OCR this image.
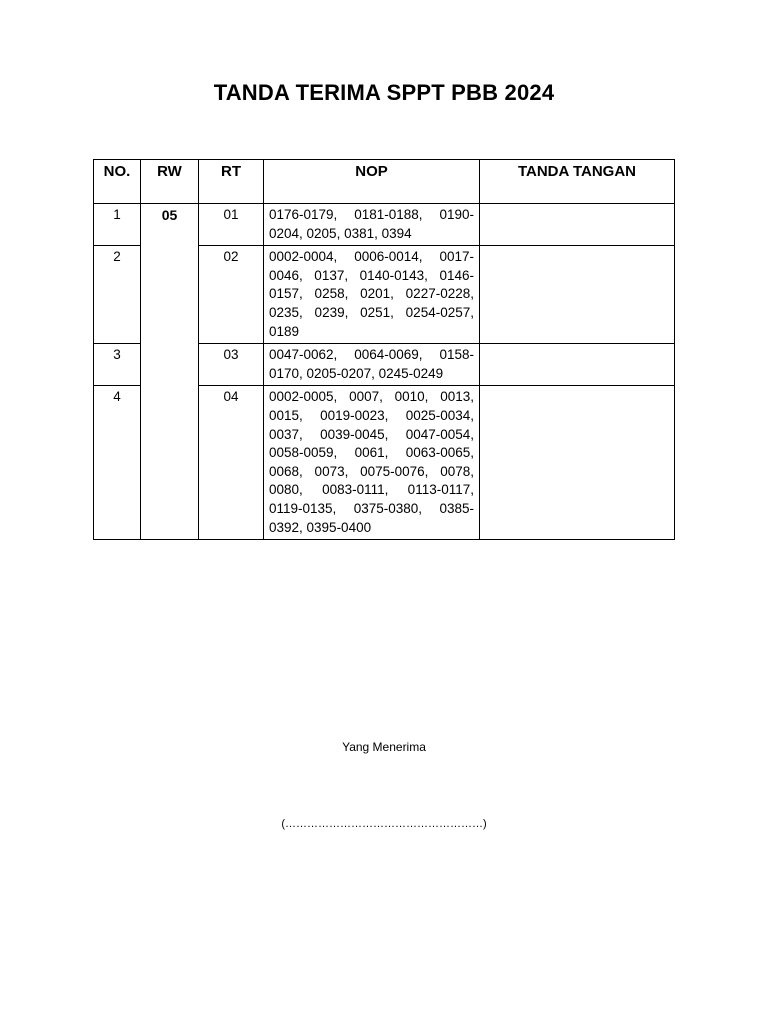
TANDA TERIMA SPPT PBB 2024
NO.	RW	RT	NOP	TANDA TANGAN
1	05	01	0176-0179, 0181-0188, 0190-0204, 0205, 0381, 0394	
2		02	0002-0004, 0006-0014, 0017-0046, 0137, 0140-0143, 0146-0157, 0258, 0201, 0227-0228, 0235, 0239, 0251, 0254-0257, 0189	
3		03	0047-0062, 0064-0069, 0158-0170, 0205-0207, 0245-0249	
4		04	0002-0005, 0007, 0010, 0013, 0015, 0019-0023, 0025-0034, 0037, 0039-0045, 0047-0054, 0058-0059, 0061, 0063-0065, 0068, 0073, 0075-0076, 0078, 0080, 0083-0111, 0113-0117, 0119-0135, 0375-0380, 0385-0392, 0395-0400	
Yang Menerima
(………………………………………………)
